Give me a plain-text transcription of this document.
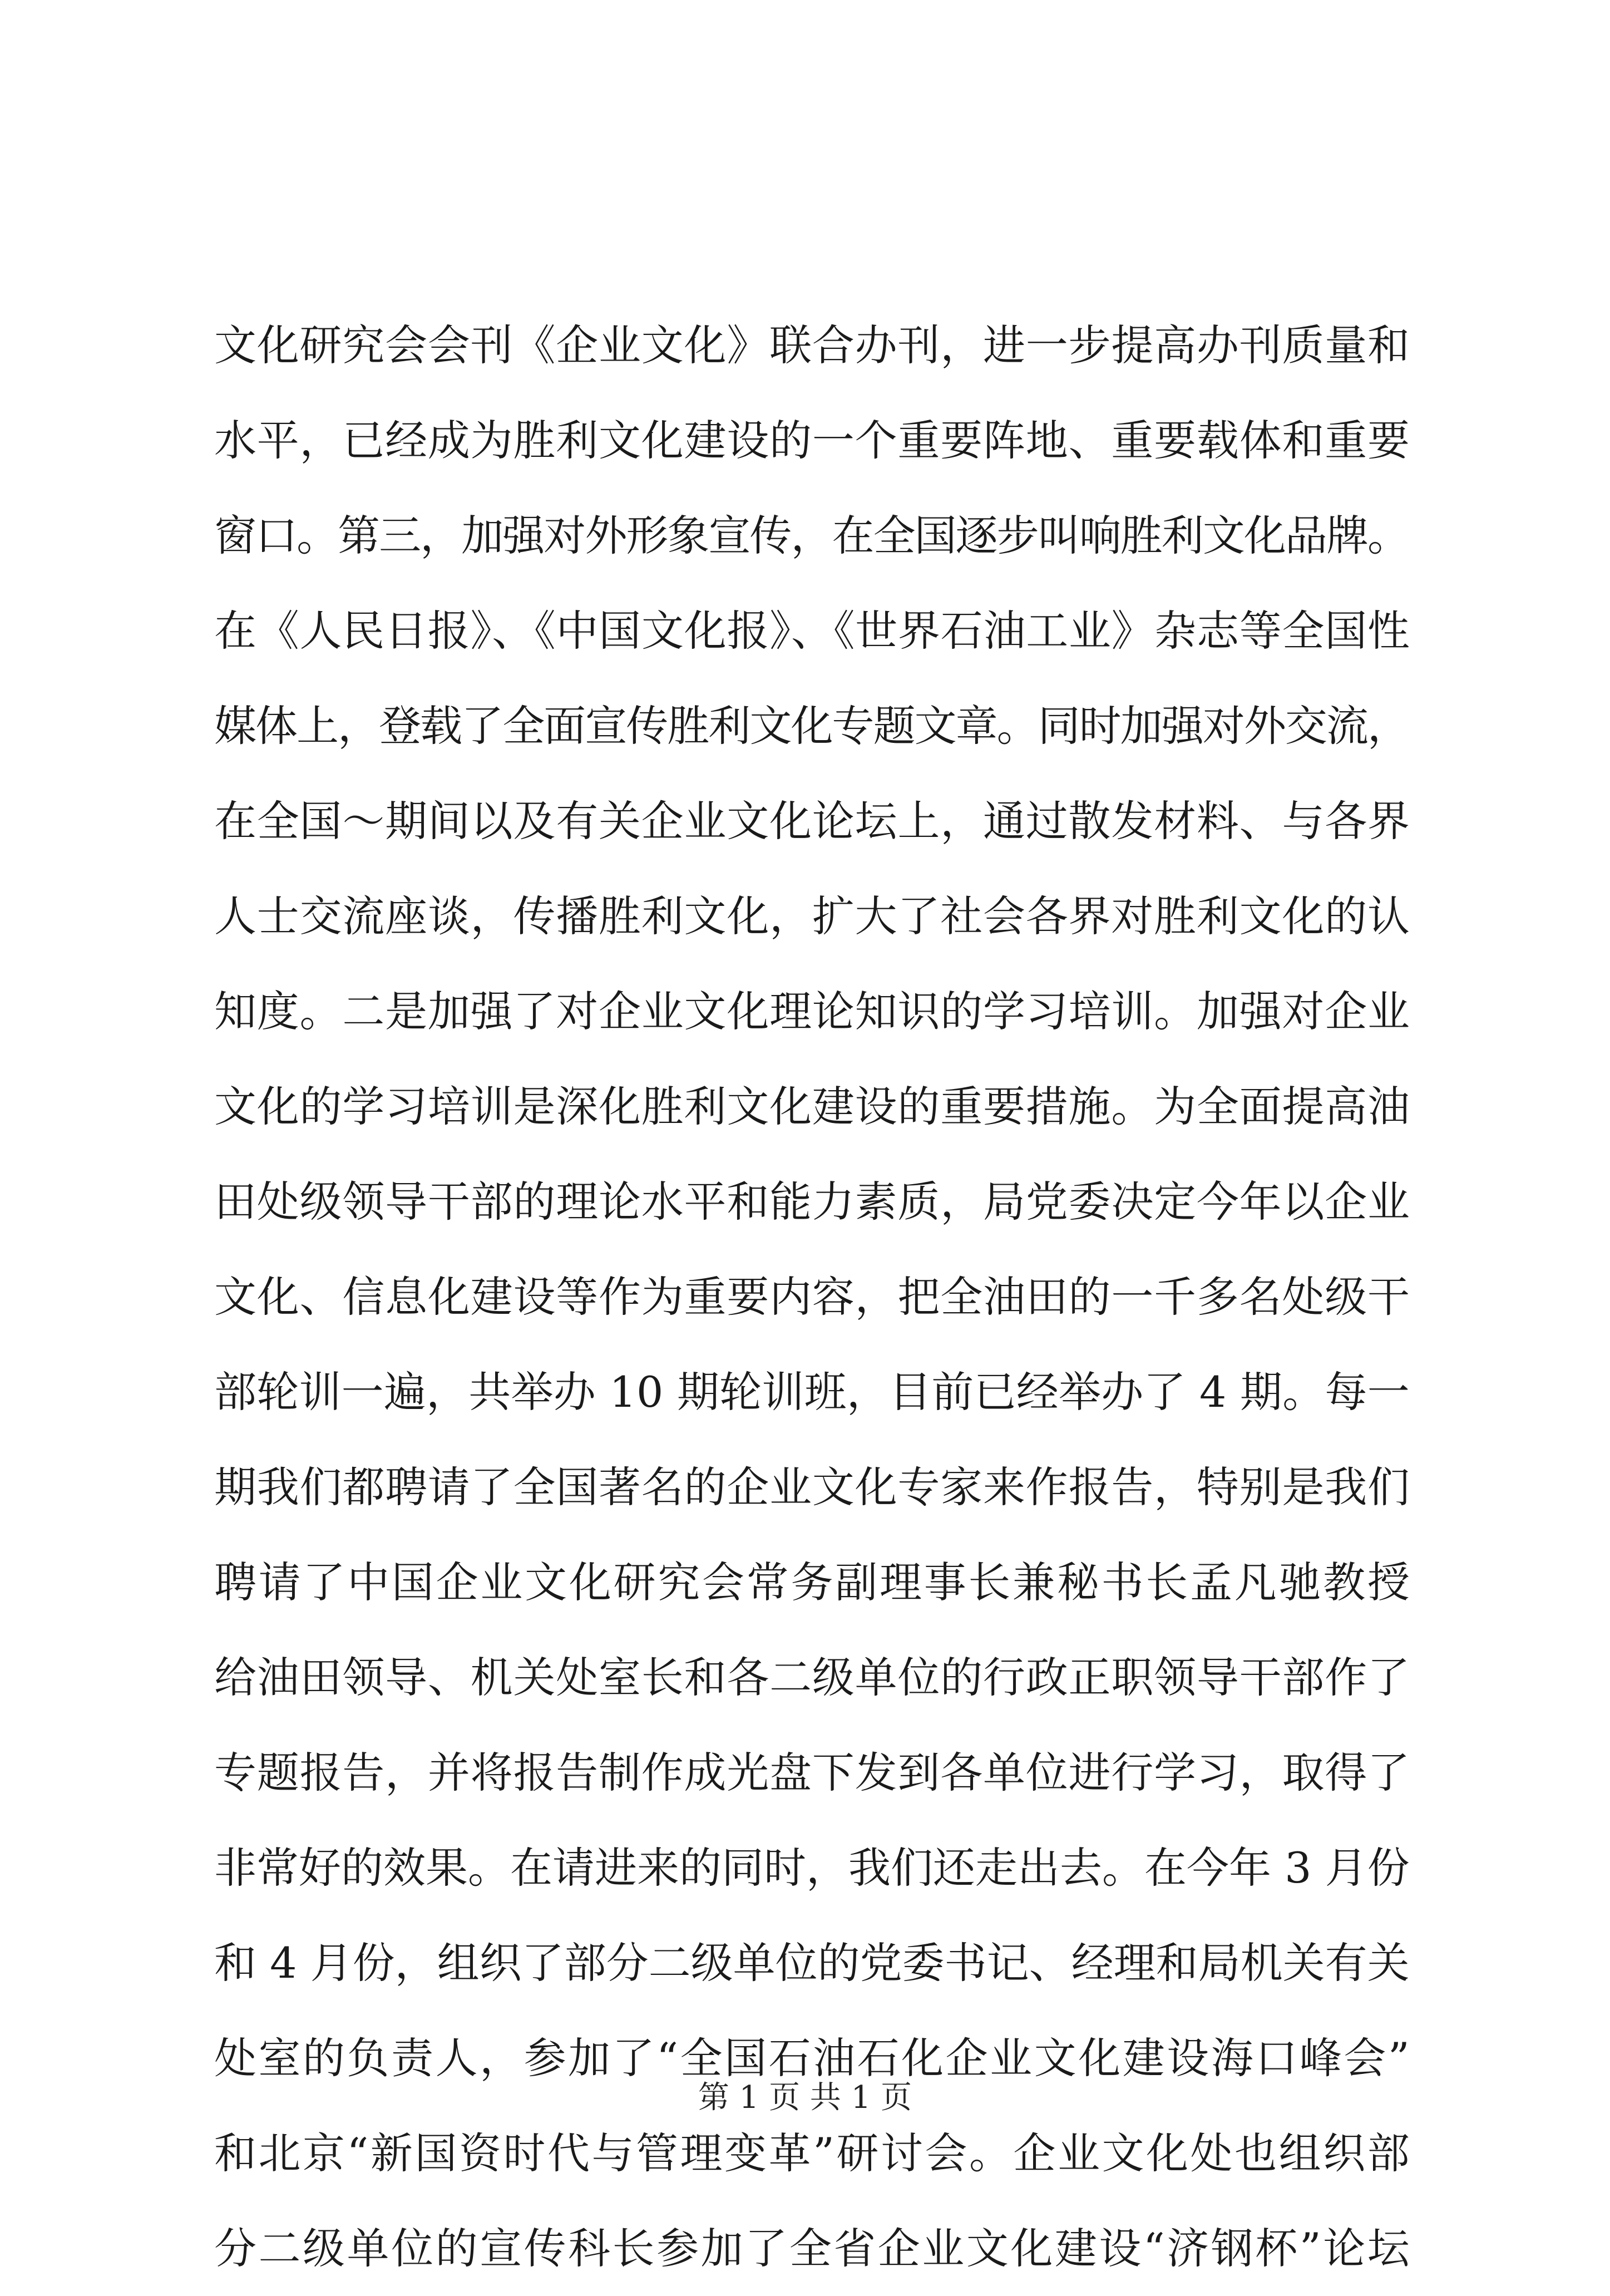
文化研究会会刊《企业文化》联合办刊，进一步提高办刊质量和
水平，已经成为胜利文化建设的一个重要阵地、重要载体和重要
窗口。第三，加强对外形象宣传，在全国逐步叫响胜利文化品牌。
在《人民日报》、《中国文化报》、《世界石油工业》杂志等全国性
媒体上，登载了全面宣传胜利文化专题文章。同时加强对外交流，
在全国～期间以及有关企业文化论坛上，通过散发材料、与各界
人士交流座谈，传播胜利文化，扩大了社会各界对胜利文化的认
知度。二是加强了对企业文化理论知识的学习培训。加强对企业
文化的学习培训是深化胜利文化建设的重要措施。为全面提高油
田处级领导干部的理论水平和能力素质，局党委决定今年以企业
文化、信息化建设等作为重要内容，把全油田的一千多名处级干
部轮训一遍，共举办 10 期轮训班，目前已经举办了 4 期。每一
期我们都聘请了全国著名的企业文化专家来作报告，特别是我们
聘请了中国企业文化研究会常务副理事长兼秘书长孟凡驰教授
给油田领导、机关处室长和各二级单位的行政正职领导干部作了
专题报告，并将报告制作成光盘下发到各单位进行学习，取得了
非常好的效果。在请进来的同时，我们还走出去。在今年 3 月份
和 4 月份，组织了部分二级单位的党委书记、经理和局机关有关
处室的负责人，参加了“全国石油石化企业文化建设海口峰会”
和北京“新国资时代与管理变革”研讨会。企业文化处也组织部
分二级单位的宣传科长参加了全省企业文化建设“济钢杯”论坛
第 1 页 共 1 页
